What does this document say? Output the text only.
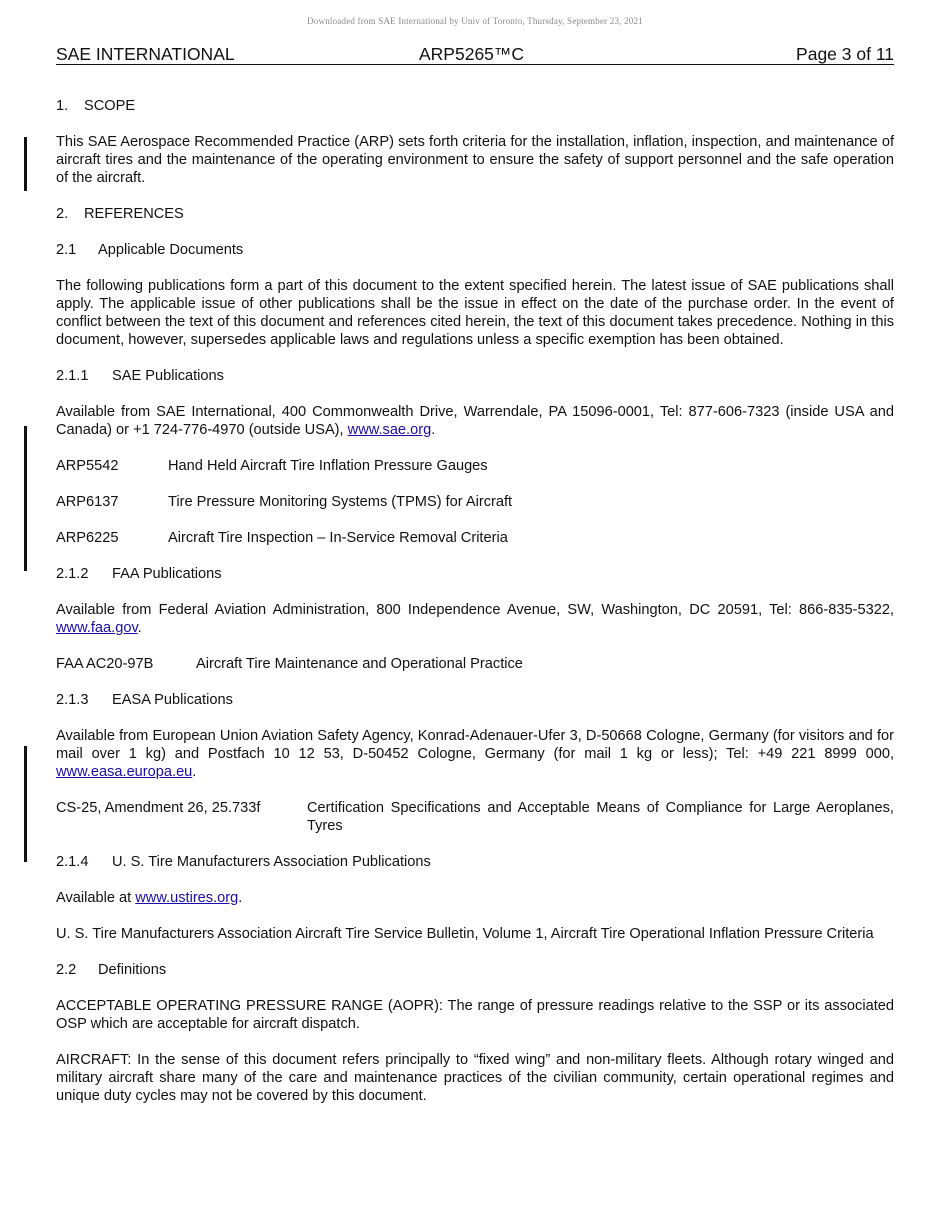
Downloaded from SAE International by Univ of Toronto, Thursday, September 23, 2021
SAE INTERNATIONAL	ARP5265™C	Page 3 of 11
1. SCOPE

This SAE Aerospace Recommended Practice (ARP) sets forth criteria for the installation, inflation, inspection, and maintenance of aircraft tires and the maintenance of the operating environment to ensure the safety of support personnel and the safe operation of the aircraft.

2. REFERENCES
2.1 Applicable Documents

The following publications form a part of this document to the extent specified herein. The latest issue of SAE publications shall apply. The applicable issue of other publications shall be the issue in effect on the date of the purchase order. In the event of conflict between the text of this document and references cited herein, the text of this document takes precedence. Nothing in this document, however, supersedes applicable laws and regulations unless a specific exemption has been obtained.

2.1.1 SAE Publications

Available from SAE International, 400 Commonwealth Drive, Warrendale, PA 15096-0001, Tel: 877-606-7323 (inside USA and Canada) or +1 724-776-4970 (outside USA), www.sae.org.

ARP5542	Hand Held Aircraft Tire Inflation Pressure Gauges
ARP6137	Tire Pressure Monitoring Systems (TPMS) for Aircraft
ARP6225	Aircraft Tire Inspection – In-Service Removal Criteria
2.1.2 FAA Publications

Available from Federal Aviation Administration, 800 Independence Avenue, SW, Washington, DC 20591, Tel: 866-835-5322, www.faa.gov.

FAA AC20-97B	Aircraft Tire Maintenance and Operational Practice
2.1.3 EASA Publications

Available from European Union Aviation Safety Agency, Konrad-Adenauer-Ufer 3, D-50668 Cologne, Germany (for visitors and for mail over 1 kg) and Postfach 10 12 53, D-50452 Cologne, Germany (for mail 1 kg or less); Tel: +49 221 8999 000, www.easa.europa.eu.

CS-25, Amendment 26, 25.733f	Certification Specifications and Acceptable Means of Compliance for Large Aeroplanes, Tyres
2.1.4 U. S. Tire Manufacturers Association Publications

Available at www.ustires.org.

U. S. Tire Manufacturers Association Aircraft Tire Service Bulletin, Volume 1, Aircraft Tire Operational Inflation Pressure Criteria

2.2 Definitions

ACCEPTABLE OPERATING PRESSURE RANGE (AOPR): The range of pressure readings relative to the SSP or its associated OSP which are acceptable for aircraft dispatch.

AIRCRAFT: In the sense of this document refers principally to “fixed wing” and non-military fleets. Although rotary winged and military aircraft share many of the care and maintenance practices of the civilian community, certain operational regimes and unique duty cycles may not be covered by this document.
